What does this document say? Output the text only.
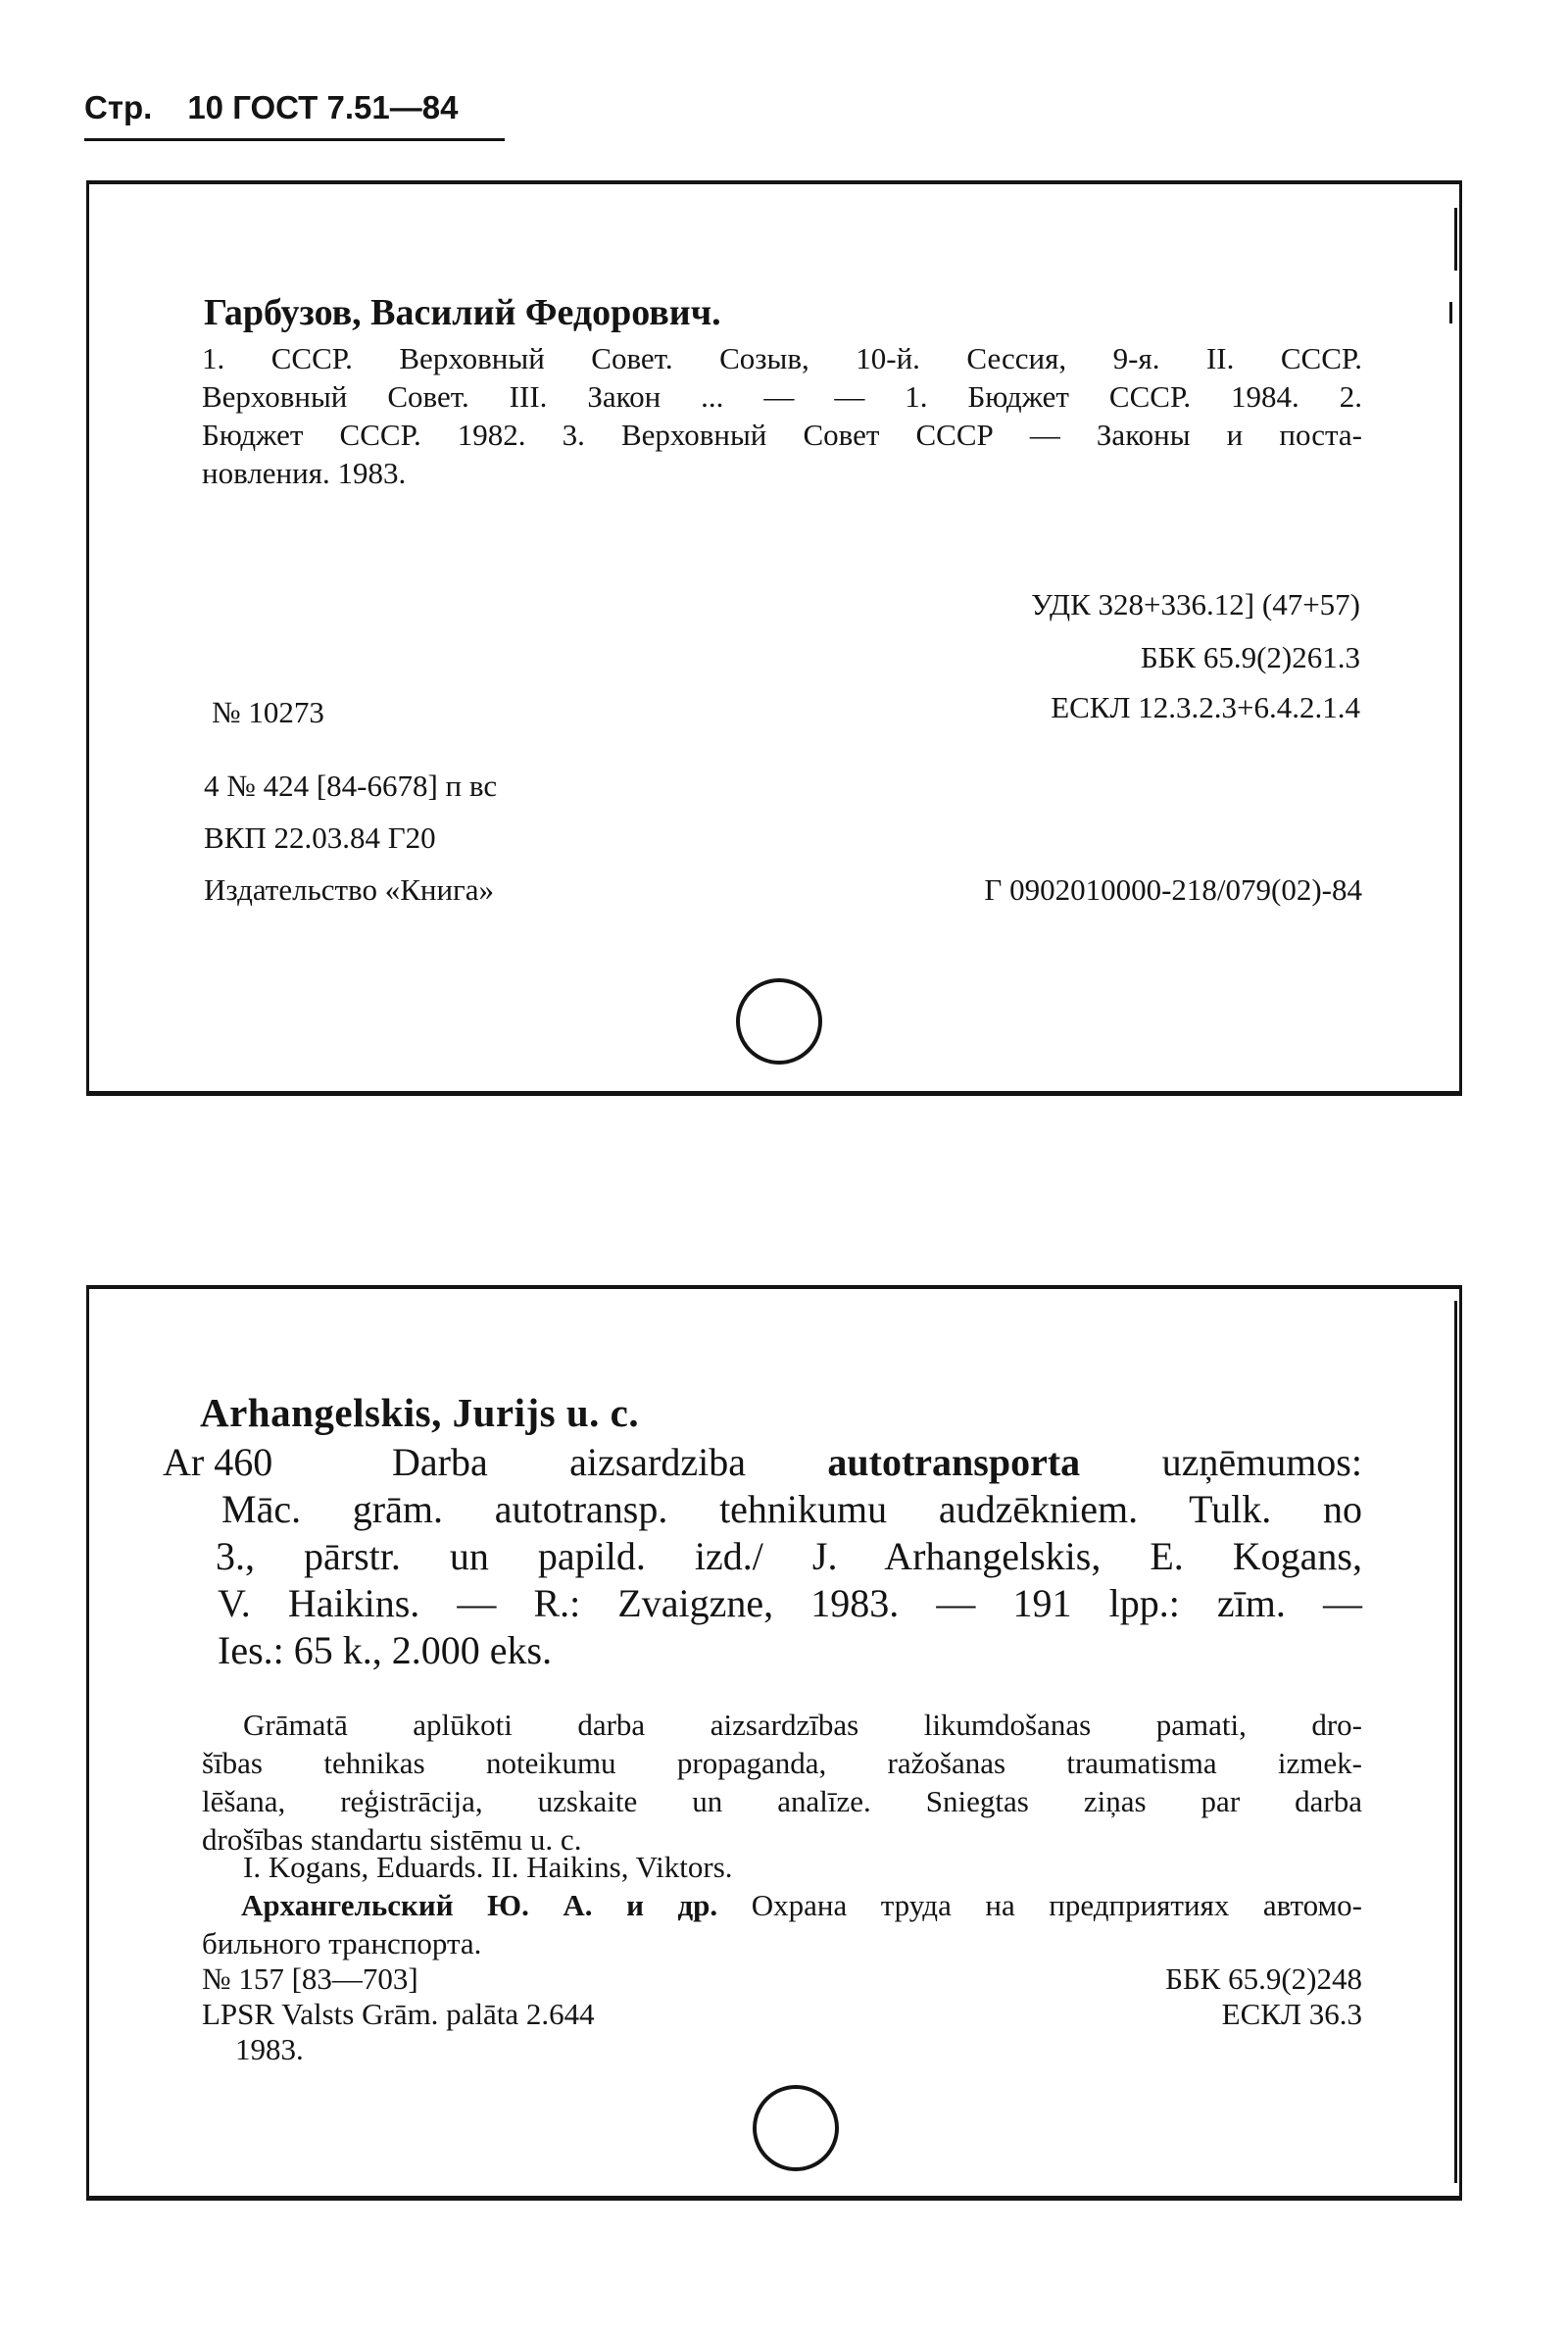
Стр. 10 ГОСТ 7.51—84
Гарбузов, Василий Федорович.
1. СССР. Верховный Совет. Созыв, 10-й. Сессия, 9-я. II. СССР.
Верховный Совет. III. Закон ... — — 1. Бюджет СССР. 1984. 2.
Бюджет СССР. 1982. 3. Верховный Совет СССР — Законы и поста-
новления. 1983.
УДК 328+336.12] (47+57)
ББК 65.9(2)261.3
№ 10273	ЕСКЛ 12.3.2.3+6.4.2.1.4
4 № 424 [84-6678] п вс
ВКП 22.03.84 Г20
Издательство «Книга»	Г 0902010000-218/079(02)-84
Arhangelskis, Jurijs u. c.
Ar 460	Darba aizsardziba autotransporta uzņēmumos:
Māc. grām. autotransp. tehnikumu audzēkniem. Tulk. no
3., pārstr. un papild. izd./ J. Arhangelskis, E. Kogans,
V. Haikins. — R.: Zvaigzne, 1983. — 191 lpp.: zīm. —
Ies.: 65 k., 2.000 eks.
Grāmatā aplūkoti darba aizsardzības likumdošanas pamati, dro-
šības tehnikas noteikumu propaganda, ražošanas traumatisma izmek-
lēšana, reģistrācija, uzskaite un analīze. Sniegtas ziņas par darba
drošības standartu sistēmu u. c.
I. Kogans, Eduards. II. Haikins, Viktors.
Архангельский Ю. А. и др. Охрана труда на предприятиях автомо-
бильного транспорта.
№ 157 [83—703]	ББК 65.9(2)248
LPSR Valsts Grām. palāta 2.644	ЕСКЛ 36.3
1983.
